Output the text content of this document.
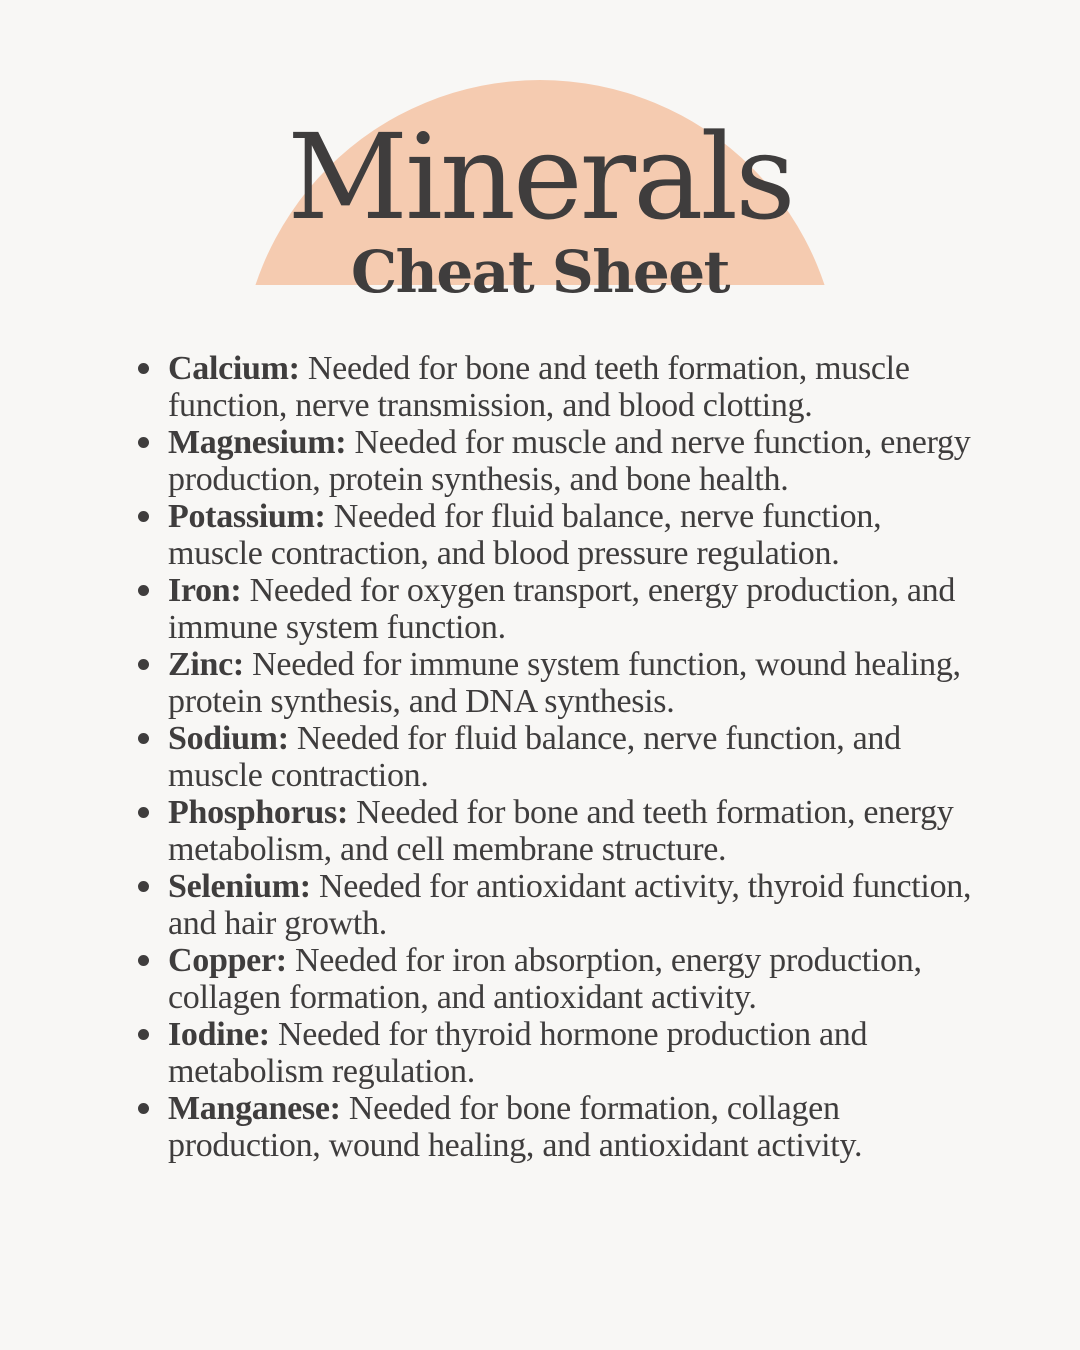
Minerals
Cheat Sheet
Calcium: Needed for bone and teeth formation, muscle function, nerve transmission, and blood clotting.
Magnesium: Needed for muscle and nerve function, energy production, protein synthesis, and bone health.
Potassium: Needed for fluid balance, nerve function, muscle contraction, and blood pressure regulation.
Iron: Needed for oxygen transport, energy production, and immune system function.
Zinc: Needed for immune system function, wound healing, protein synthesis, and DNA synthesis.
Sodium: Needed for fluid balance, nerve function, and muscle contraction.
Phosphorus: Needed for bone and teeth formation, energy metabolism, and cell membrane structure.
Selenium: Needed for antioxidant activity, thyroid function, and hair growth.
Copper: Needed for iron absorption, energy production, collagen formation, and antioxidant activity.
Iodine: Needed for thyroid hormone production and metabolism regulation.
Manganese: Needed for bone formation, collagen production, wound healing, and antioxidant activity.
